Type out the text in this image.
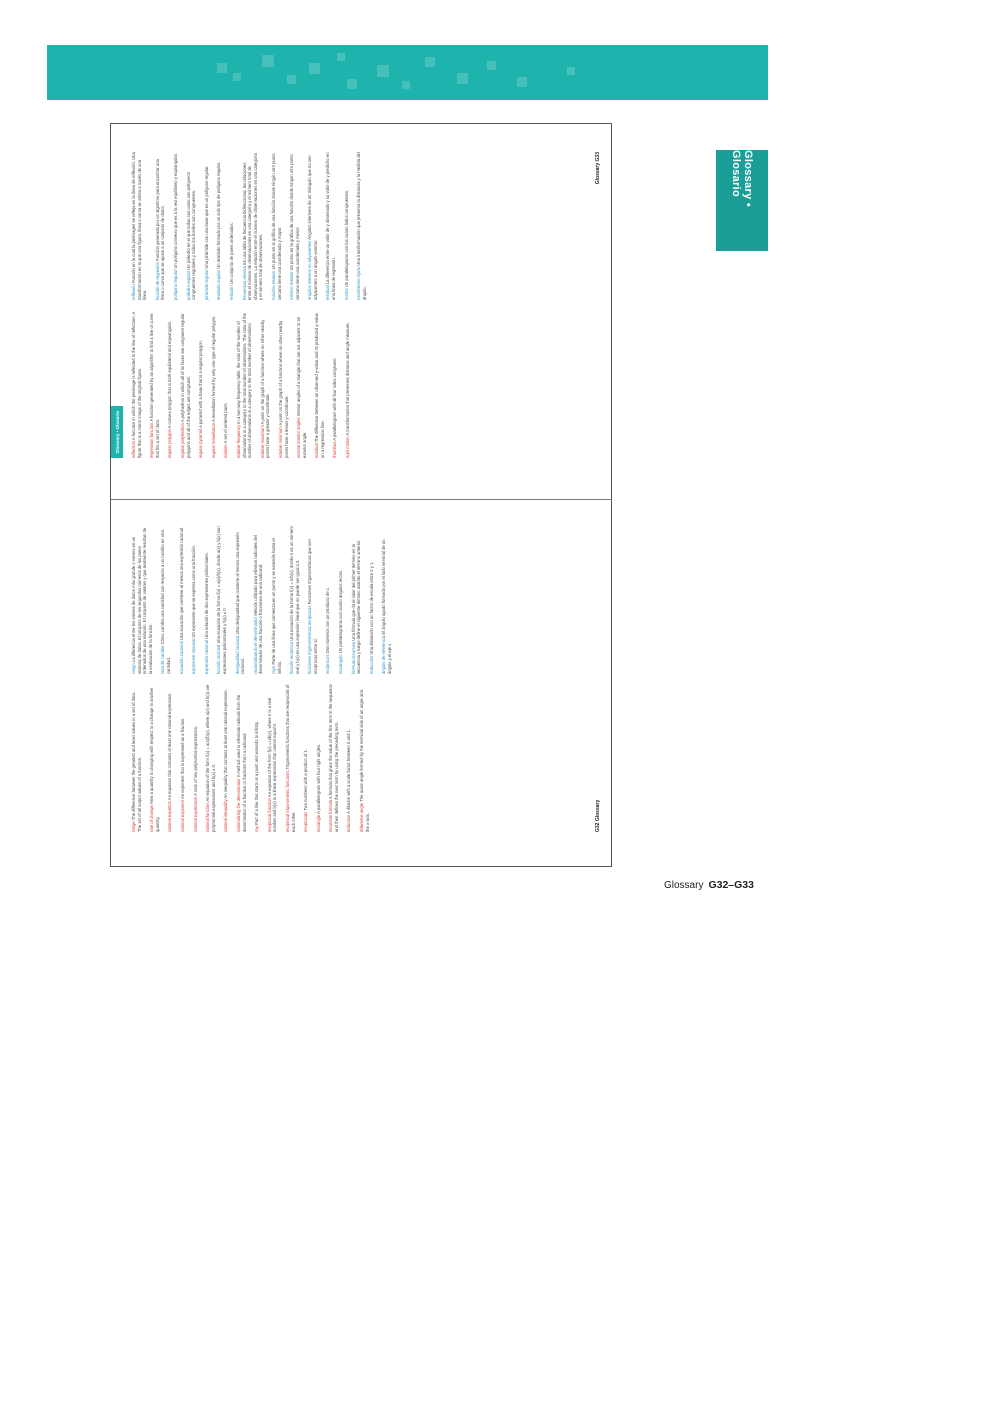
Glossary • Glosario
Glossary • Glosario	reflection A function in which the preimage is reflected in the line of reflection. A figure that is a mirror image of the original figure. regression function A function generated by an algorithm to find a line or curve that fits a set of data. regular polygon A convex polygon that is both equilateral and equiangular.
regular polyhedron A polyhedron in which all of its faces are congruent regular polygons and all of the edges are congruent. regular pyramid A pyramid with a base that is a regular polygon.
regular tessellation A tessellation formed by only one type of regular polygon.
relation A set of ordered pairs. relative frequency In a two-way frequency table, the ratio of the number of observations in a category to the total number of observations. The ratio of the number of observations in a category to the total number of observations. relative maximum A point on the graph of a function where no other nearby points have a greater y-coordinate. relative minimum A point on the graph of a function where no other nearby points have a lesser y-coordinate. remote interior angles Interior angles of a triangle that are not adjacent to an exterior angle. residual The difference between an observed y-value and its predicted y-value on a regression line. rhombus A parallelogram with all four sides congruent.
rigid motion A transformation that preserves distance and angle measure.
reflexión Función en la cual la preimagen se refleja en la línea de reflexión. Una transformación en la que una figura, línea o curva se voltea a través de una línea. función de regresión Función generada por un algoritmo para encontrar una línea o curva que se ajuste a un conjunto de datos. polígono regular Un polígono convexo que es a la vez equilátero y equiangular.
poliedro regular Un poliedro en el que todas sus caras son polígonos congruentes regulares y todos los bordes son congruentes. pirámide regular Una pirámide con una base que es un polígono regular.
teselado regular Un teselado formado por un solo tipo de polígono regular.
relación Un conjunto de pares ordenados. frecuencia relativa En una tabla de frecuencia bidireccional, las relaciones entre el número de observaciones en una categoría y el número total de observaciones. La relación entre el número de observaciones en una categoría y el número total de observaciones. máximo relativo Un punto en la gráfica de una función donde ningún otro punto cercano tiene una coordenada y mayor. mínimo relativo Un punto en la gráfica de una función donde ningún otro punto cercano tiene una coordenada y menor. ángulos internos no adyacentes Ángulos interiores de un triángulo que no son adyacentes a un ángulo exterior. residual La diferencia entre un valor de y observado y su valor de y predicho en una línea de regresión. rombo Un paralelogramo con los cuatro lados congruentes. movimiento rígido Una transformación que preserva la distancia y la medida del ángulo.
Glossary G33
range The difference between the greatest and least values in a set of data. The set of all output values of a function. rate of change How a quantity is changing with respect to a change in another quantity. rational equation An equation that contains at least one rational expression.
rational exponent An exponent that is expressed as a fraction.
rational expression A ratio of two polynomial expressions.
rational function An equation of the form f(x) = a(x)/b(x), where a(x) and b(x) are polynomial expressions and b(x) ≠ 0. rational inequality An inequality that contains at least one rational expression.
rationalizing the denominator A method used to eliminate radicals from the denominator of a fraction or fractions from a radicand. ray Part of a line that starts at a point and extends to infinity. reciprocal function An equation of the form f(x) = n/b(x), where n is a real number and b(x) is a linear expression that cannot equal 0. reciprocal trigonometric functions Trigonometric functions that are reciprocals of each other. reciprocals Two numbers with a product of 1.
rectangle A parallelogram with four right angles.
recursive formula A formula that gives the value of the first term in the sequence and then defines the next term by using the preceding term. reduction A dilation with a scale factor between 0 and 1.
reference angle The acute angle formed by the terminal side of an angle and the x-axis.
rango La diferencia entre los valores de datos más grande o menos en un sistema de datos. El conjunto de los segundos números de los pares ordenados de una relación. El conjunto de valores y que realmente resultan de la evaluación de la función. tasa de cambio Cómo cambia una cantidad con respecto a un cambio en otra cantidad. ecuación racional Una ecuación que contiene al menos una expresión racional.
exponente racional Un exponente que se expresa como una fracción.
expresión racional Una relación de dos expresiones polinomiales.
función racional Una ecuación de la forma f(x) = a(x)/b(x), donde a(x) y b(x) son expresiones polinomiales y b(x) ≠ 0. desigualdad racional Una desigualdad que contiene al menos una expresión racional. racionalizando el denominador Método utilizado para eliminar radicales del denominador de una fracción o fracciones de una radicand. rayo Parte de una línea que comienza en un punto y se extiende hasta el infinito. función recíproca Una ecuación de la forma f(x) = n/b(x), donde n es un número real y b(x) es una expresión lineal que no puede ser igual a 0. funciones trigonométricas recíprocas Funciones trigonométricas que son recíprocas entre sí. recíprocos Dos números con un producto de 1.
rectángulo Un paralelogramo con cuatro ángulos rectos.
fórmula recursiva Una fórmula que da el valor del primer término en la secuencia y luego define el siguiente término usando el término anterior. reducción Una dilatación con un factor de escala entre 0 y 1. ángulo de referencia El ángulo agudo formado por el lado terminal de un ángulo y el eje x.
G32 Glossary
Glossary G32–G33
